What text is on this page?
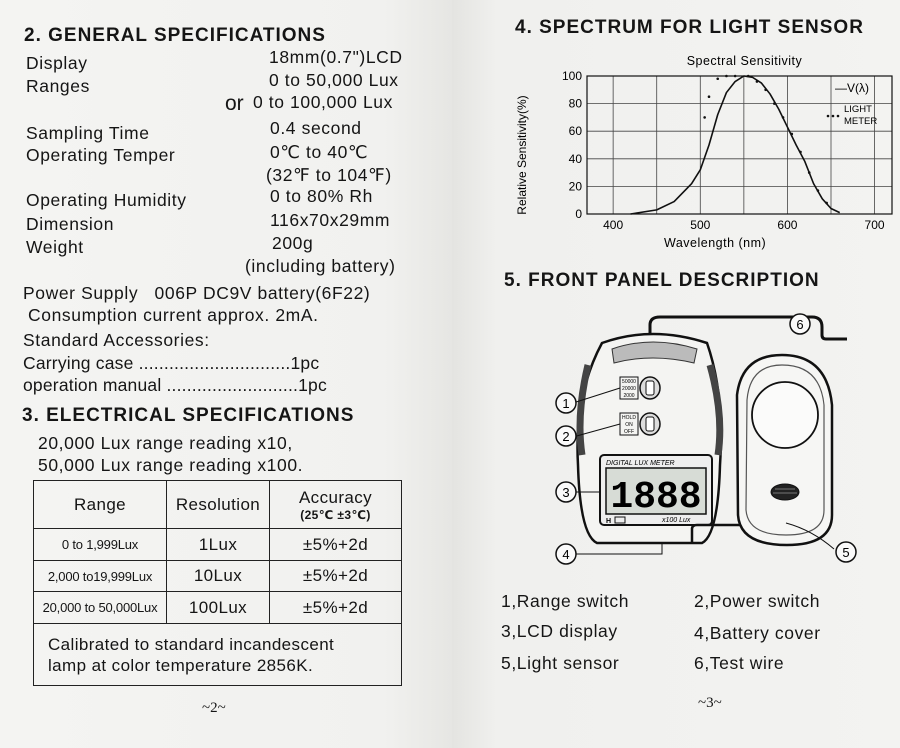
2. GENERAL SPECIFICATIONS
Display	18mm(0.7")LCD
Ranges	0 to 50,000 Lux
or 0 to 100,000 Lux
Sampling Time	0.4 second
Operating Temper	0℃ to 40℃
(32℉ to 104℉)
Operating Humidity	0 to 80% Rh
Dimension	116x70x29mm
Weight	200g
(including battery)
Power Supply   006P DC9V battery(6F22)
Consumption current approx. 2mA.
Standard Accessories:
Carrying case ..............................1pc
operation manual ..........................1pc
3. ELECTRICAL SPECIFICATIONS
20,000 Lux range reading x10,
50,000 Lux range reading x100.
Range	Resolution	Accuracy
(25℃ ±3℃)

0 to 1,999Lux	1Lux	±5%+2d
2,000 to19,999Lux	10Lux	±5%+2d
20,000 to 50,000Lux	100Lux	±5%+2d

Calibrated to standard incandescent
lamp at color temperature 2856K.		
~2~
4. SPECTRUM FOR LIGHT SENSOR
0
20
40
60
80
100
400	500	600	700
Spectral Sensitivity
Wavelength (nm)
Relative Sensitivity(%)
—V(λ)
LIGHT
METER
5. FRONT PANEL DESCRIPTION
50000
20000
2000
HOLD
ON
OFF
DIGITAL LUX METER
1888
H	x100 Lux
6
1
2
3
4	5
1,Range switch	2,Power switch
3,LCD display	4,Battery cover
5,Light sensor	6,Test wire
~3~
